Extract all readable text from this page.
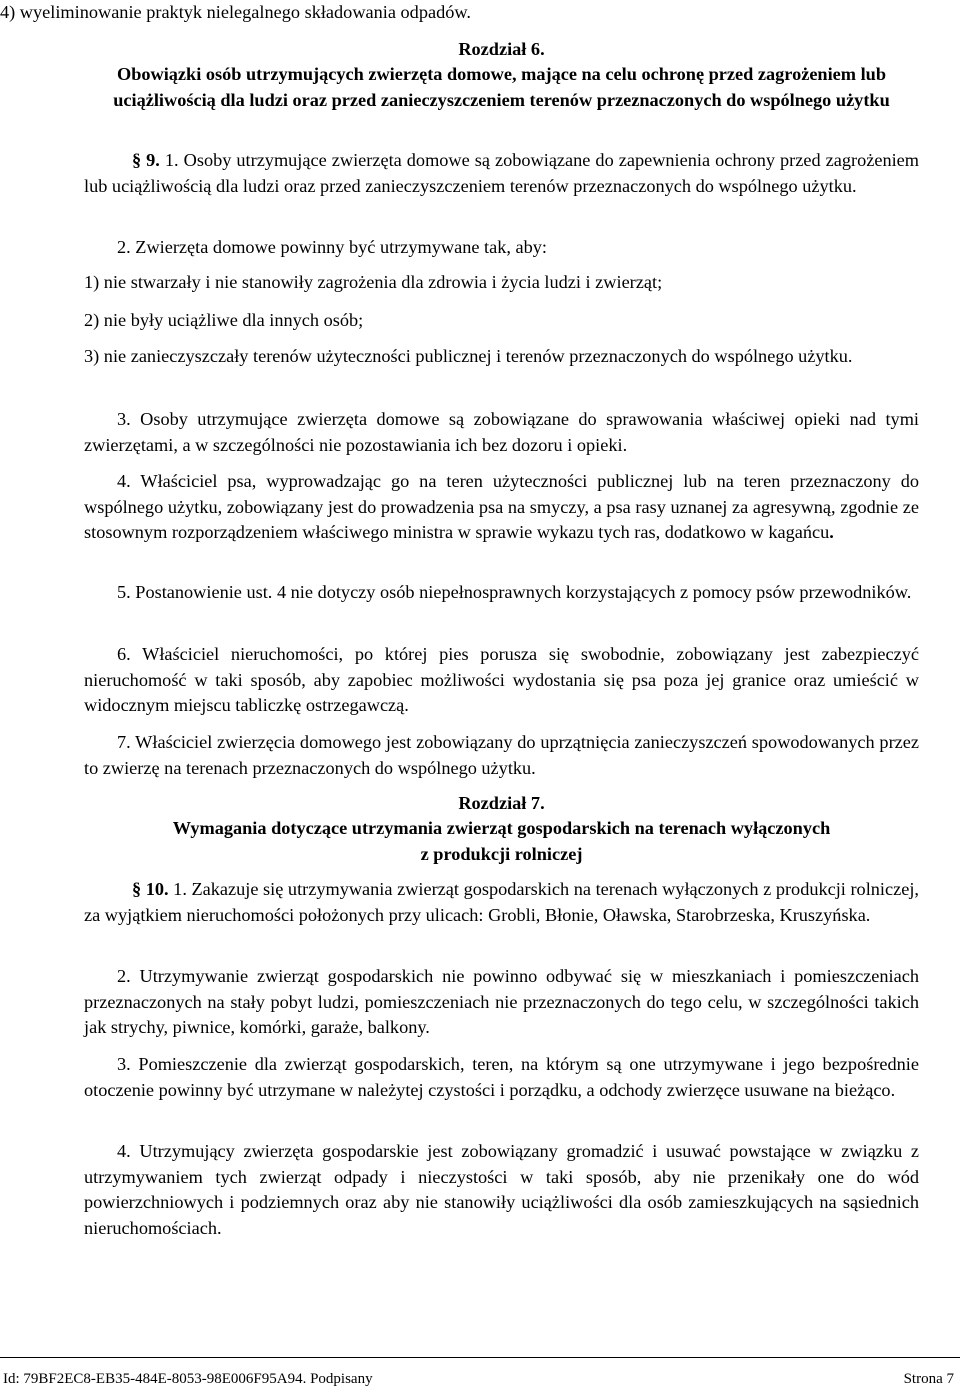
4) wyeliminowanie praktyk nielegalnego składowania odpadów.
Rozdział 6.
Obowiązki osób utrzymujących zwierzęta domowe, mające na celu ochronę przed zagrożeniem lub uciążliwością dla ludzi oraz przed zanieczyszczeniem terenów przeznaczonych do wspólnego użytku
§ 9. 1. Osoby utrzymujące zwierzęta domowe są zobowiązane do zapewnienia ochrony przed zagrożeniem lub uciążliwością dla ludzi oraz przed zanieczyszczeniem terenów przeznaczonych do wspólnego użytku.
2. Zwierzęta domowe powinny być utrzymywane tak, aby:
1) nie stwarzały i nie stanowiły zagrożenia dla zdrowia i życia ludzi i zwierząt;
2) nie były uciążliwe dla innych osób;
3) nie zanieczyszczały terenów użyteczności publicznej i terenów przeznaczonych do wspólnego użytku.
3. Osoby utrzymujące zwierzęta domowe są zobowiązane do sprawowania właściwej opieki nad tymi zwierzętami, a w szczególności nie pozostawiania ich bez dozoru i opieki.
4. Właściciel psa, wyprowadzając go na teren użyteczności publicznej lub na teren przeznaczony do wspólnego użytku, zobowiązany jest do prowadzenia psa na smyczy, a psa rasy uznanej za agresywną, zgodnie ze stosownym rozporządzeniem właściwego ministra w sprawie wykazu tych ras, dodatkowo w kagańcu.
5. Postanowienie ust. 4 nie dotyczy osób niepełnosprawnych korzystających z pomocy psów przewodników.
6. Właściciel nieruchomości, po której pies porusza się swobodnie, zobowiązany jest zabezpieczyć nieruchomość w taki sposób, aby zapobiec możliwości wydostania się psa poza jej granice oraz umieścić w widocznym miejscu tabliczkę ostrzegawczą.
7. Właściciel zwierzęcia domowego jest zobowiązany do uprzątnięcia zanieczyszczeń spowodowanych przez to zwierzę na terenach przeznaczonych do wspólnego użytku.
Rozdział 7.
Wymagania dotyczące utrzymania zwierząt gospodarskich na terenach wyłączonych
z produkcji rolniczej
§ 10. 1. Zakazuje się utrzymywania zwierząt gospodarskich na terenach wyłączonych z produkcji rolniczej, za wyjątkiem nieruchomości położonych przy ulicach: Grobli, Błonie, Oławska, Starobrzeska, Kruszyńska.
2. Utrzymywanie zwierząt gospodarskich nie powinno odbywać się w mieszkaniach i pomieszczeniach przeznaczonych na stały pobyt ludzi, pomieszczeniach nie przeznaczonych do tego celu, w szczególności takich jak strychy, piwnice, komórki, garaże, balkony.
3. Pomieszczenie dla zwierząt gospodarskich, teren, na którym są one utrzymywane i jego bezpośrednie otoczenie powinny być utrzymane w należytej czystości i porządku, a odchody zwierzęce usuwane na bieżąco.
4. Utrzymujący zwierzęta gospodarskie jest zobowiązany gromadzić i usuwać powstające w związku z utrzymywaniem tych zwierząt odpady i nieczystości w taki sposób, aby nie przenikały one do wód powierzchniowych i podziemnych oraz aby nie stanowiły uciążliwości dla osób zamieszkujących na sąsiednich nieruchomościach.
Id: 79BF2EC8-EB35-484E-8053-98E006F95A94. Podpisany	Strona 7
